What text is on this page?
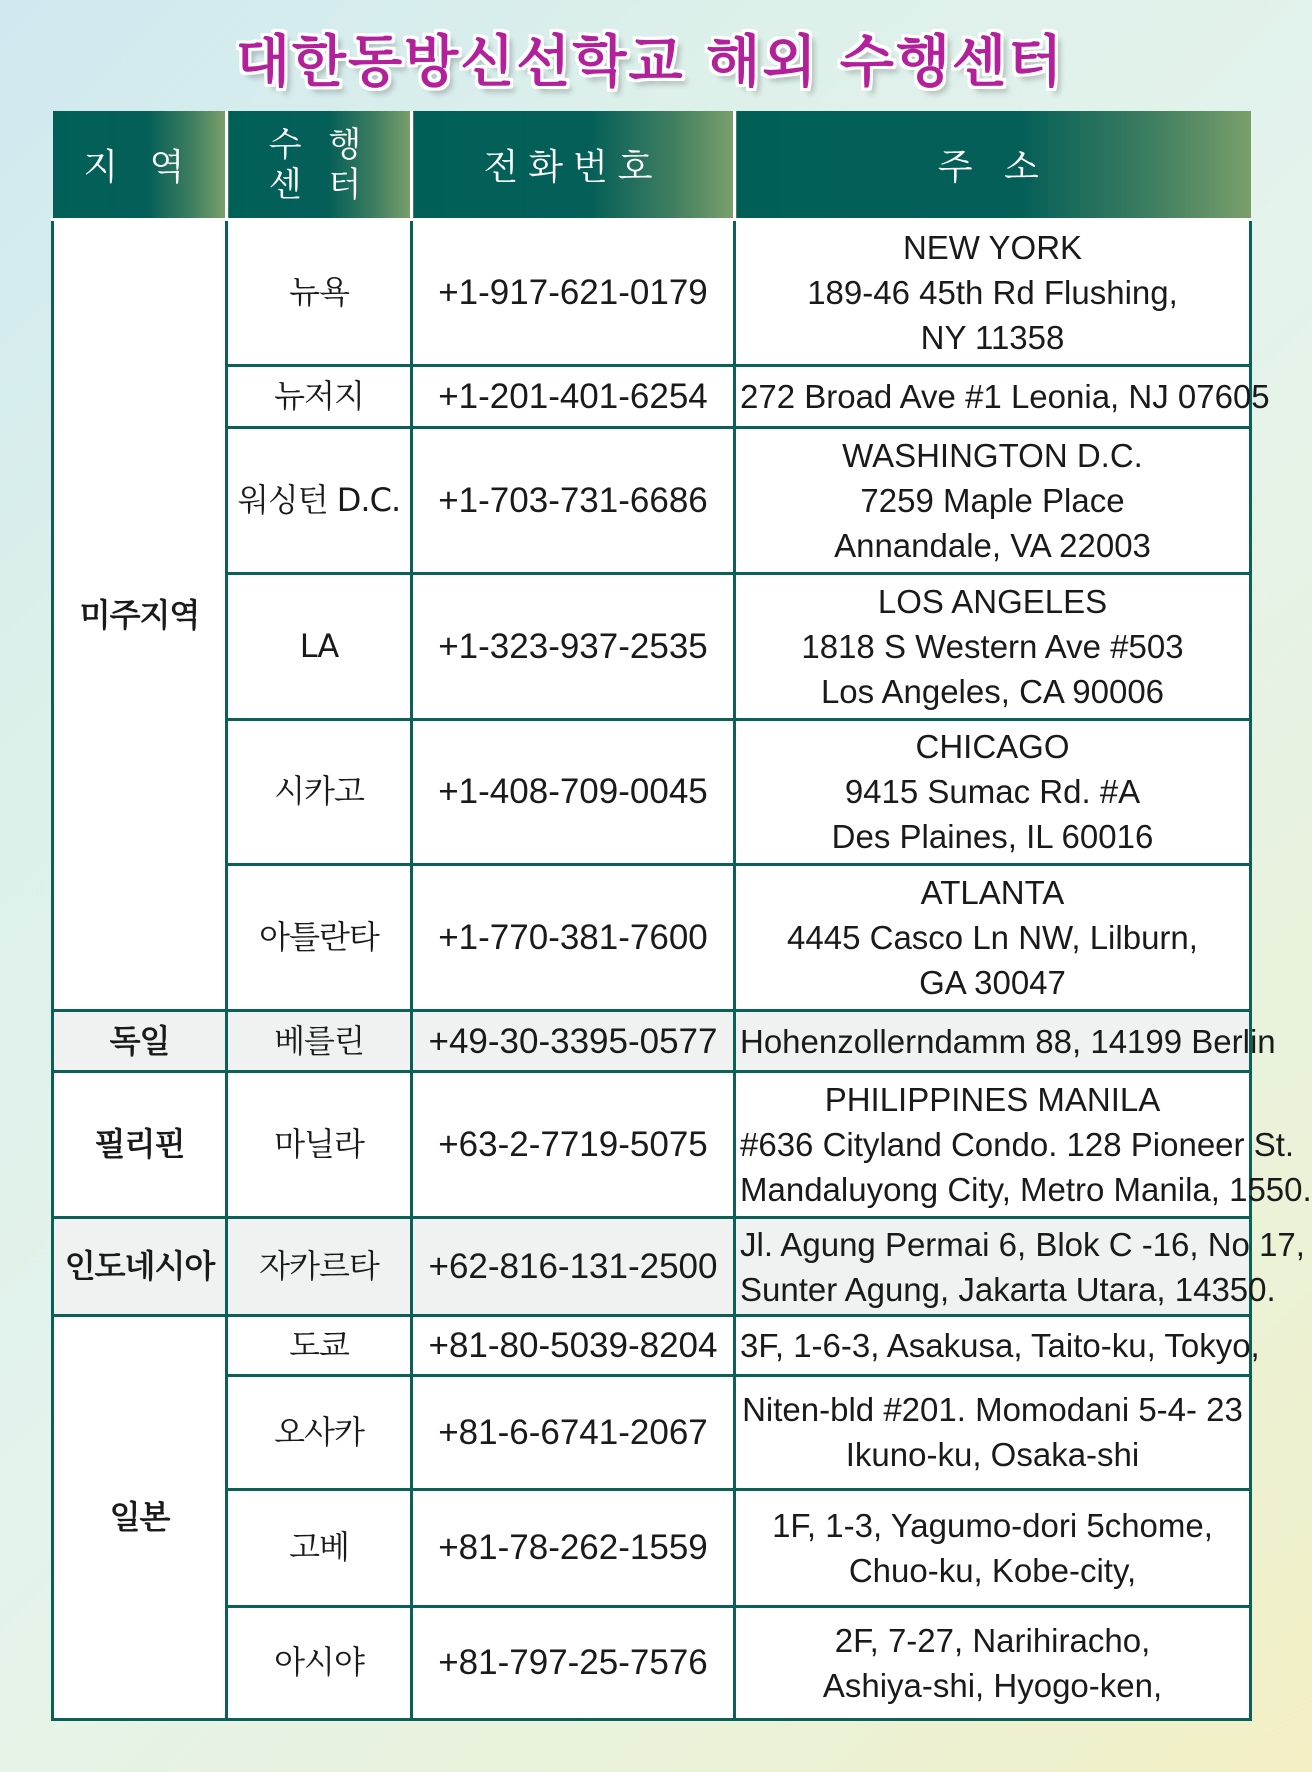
대한동방신선학교 해외 수행센터
지 역	수 행
센 터	전화번호	주 소
미주지역	뉴욕	+1-917-621-0179	NEW YORK
189-46 45th Rd Flushing,
NY 11358

	뉴저지	+1-201-401-6254	272 Broad Ave #1 Leonia, NJ 07605

	워싱턴 D.C.	+1-703-731-6686	WASHINGTON D.C.
7259 Maple Place
Annandale, VA 22003

	LA	+1-323-937-2535	LOS ANGELES
1818 S Western Ave #503
Los Angeles, CA 90006

	시카고	+1-408-709-0045	CHICAGO
9415 Sumac Rd. #A
Des Plaines, IL 60016

	아틀란타	+1-770-381-7600	ATLANTA
4445 Casco Ln NW, Lilburn,
GA 30047

독일	베를린	+49-30-3395-0577	Hohenzollerndamm 88, 14199 Berlin

필리핀	마닐라	+63-2-7719-5075	PHILIPPINES MANILA
#636 Cityland Condo. 128 Pioneer St.
Mandaluyong City, Metro Manila, 1550.

인도네시아	자카르타	+62-816-131-2500	Jl. Agung Permai 6, Blok C -16, No 17,
Sunter Agung, Jakarta Utara, 14350.

일본	도쿄	+81-80-5039-8204	3F, 1-6-3, Asakusa, Taito-ku, Tokyo,

	오사카	+81-6-6741-2067	Niten-bld #201. Momodani 5-4- 23
Ikuno-ku, Osaka-shi

	고베	+81-78-262-1559	1F, 1-3, Yagumo-dori 5chome,
Chuo-ku, Kobe-city,

	아시야	+81-797-25-7576	2F, 7-27, Narihiracho,
Ashiya-shi, Hyogo-ken,
